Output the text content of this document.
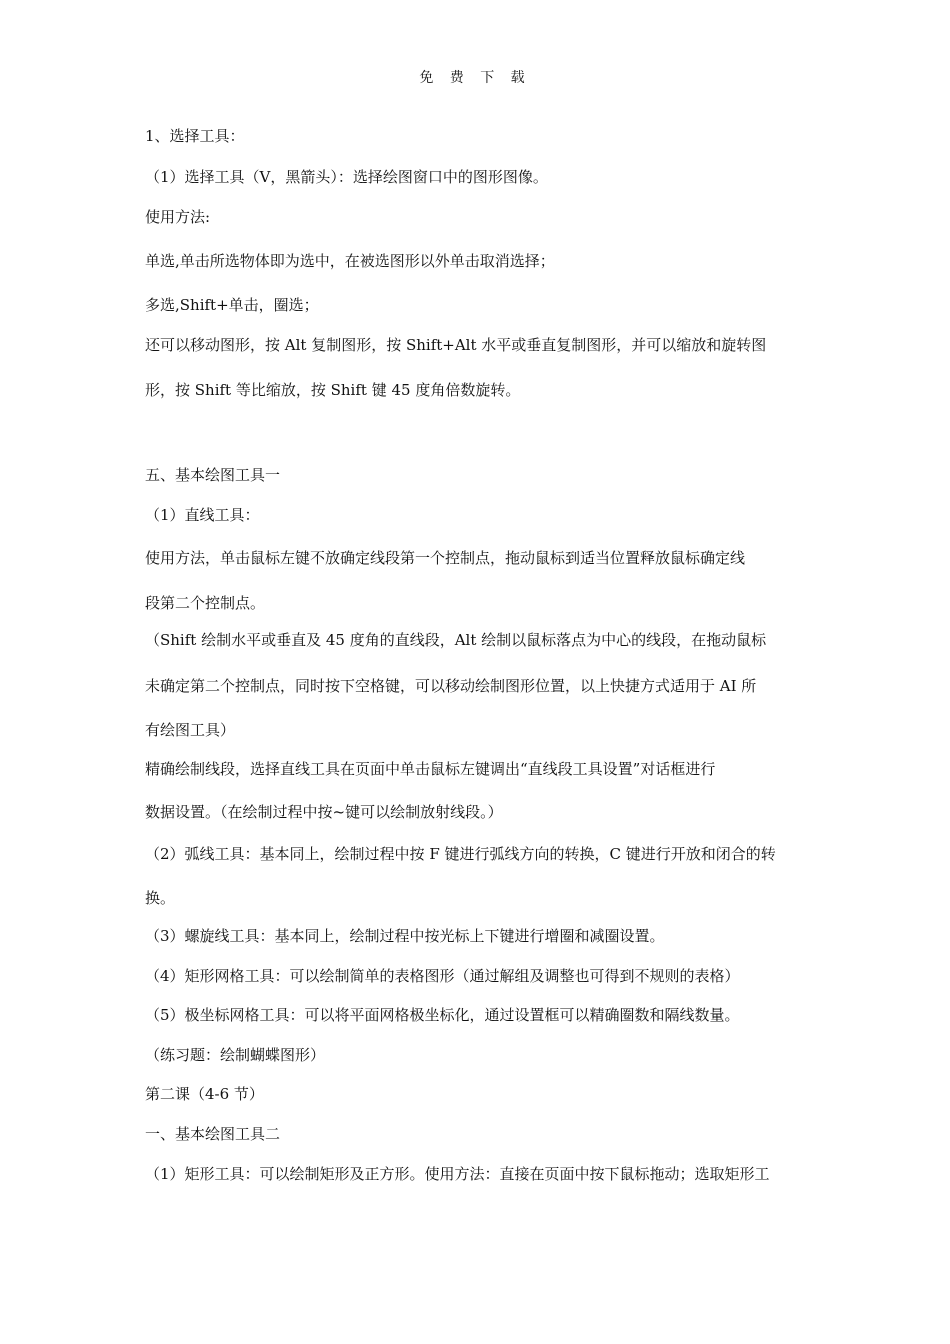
免 费 下 载
1、选择工具：
（1）选择工具（V，黑箭头）：选择绘图窗口中的图形图像。
使用方法:
单选,单击所选物体即为选中，在被选图形以外单击取消选择；
多选,Shift+单击，圈选；
还可以移动图形，按 Alt 复制图形，按 Shift+Alt 水平或垂直复制图形，并可以缩放和旋转图
形，按 Shift 等比缩放，按 Shift 键 45 度角倍数旋转。
五、基本绘图工具一
（1）直线工具：
使用方法，单击鼠标左键不放确定线段第一个控制点，拖动鼠标到适当位置释放鼠标确定线
段第二个控制点。
（Shift 绘制水平或垂直及 45 度角的直线段，Alt 绘制以鼠标落点为中心的线段，在拖动鼠标
未确定第二个控制点，同时按下空格键，可以移动绘制图形位置，以上快捷方式适用于 AI 所
有绘图工具）
精确绘制线段，选择直线工具在页面中单击鼠标左键调出“直线段工具设置”对话框进行
数据设置。（在绘制过程中按~键可以绘制放射线段。）
（2）弧线工具：基本同上，绘制过程中按 F 键进行弧线方向的转换，C 键进行开放和闭合的转
换。
（3）螺旋线工具：基本同上，绘制过程中按光标上下键进行增圈和减圈设置。
（4）矩形网格工具：可以绘制简单的表格图形（通过解组及调整也可得到不规则的表格）
（5）极坐标网格工具：可以将平面网格极坐标化，通过设置框可以精确圈数和隔线数量。
（练习题：绘制蝴蝶图形）
第二课（4-6 节）
一、基本绘图工具二
（1）矩形工具：可以绘制矩形及正方形。使用方法：直接在页面中按下鼠标拖动；选取矩形工
